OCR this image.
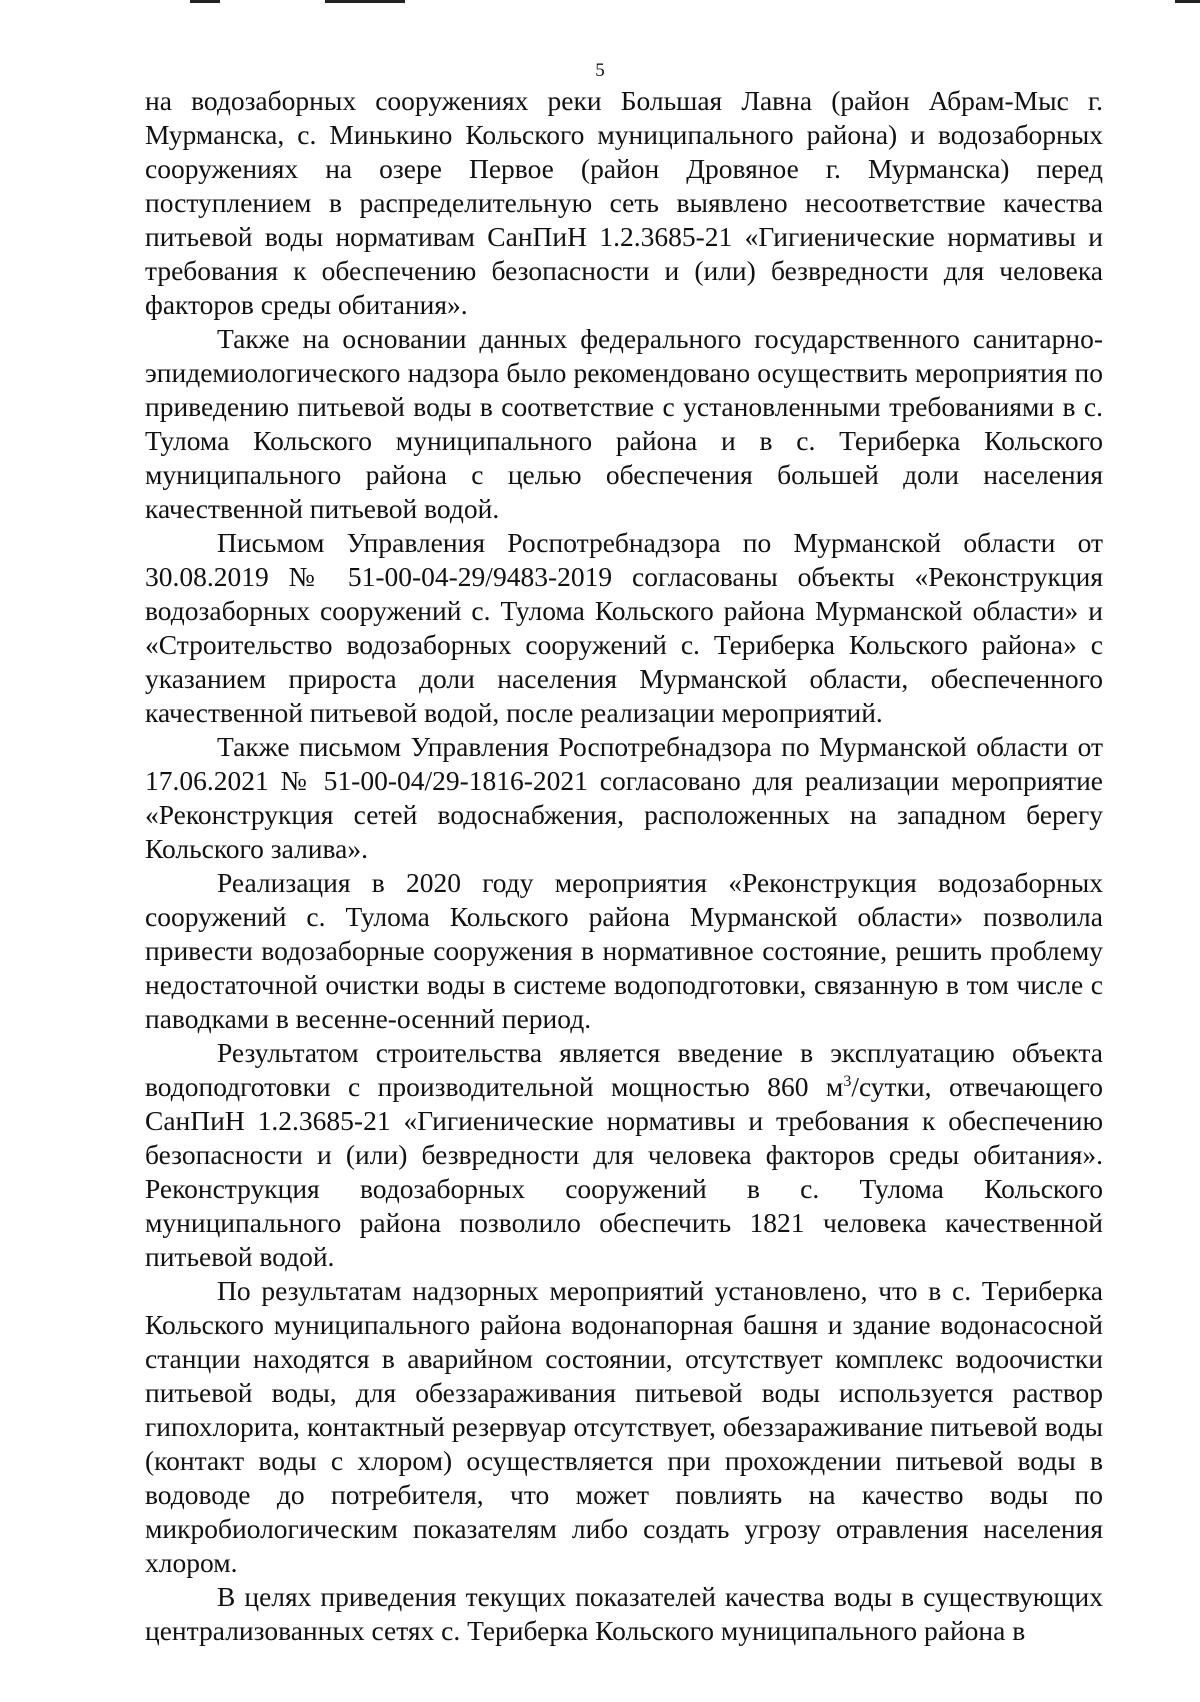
5

на водозаборных сооружениях реки Большая Лавна (район Абрам-Мыс г. Мурманска, с. Минькино Кольского муниципального района) и водозаборных сооружениях на озере Первое (район Дровяное г. Мурманска) перед поступлением в распределительную сеть выявлено несоответствие качества питьевой воды нормативам СанПиН 1.2.3685-21 «Гигиенические нормативы и требования к обеспечению безопасности и (или) безвредности для человека факторов среды обитания».

Также на основании данных федерального государственного санитарно-эпидемиологического надзора было рекомендовано осуществить мероприятия по приведению питьевой воды в соответствие с установленными требованиями в с. Тулома Кольского муниципального района и в с. Териберка Кольского муниципального района с целью обеспечения большей доли населения качественной питьевой водой.

Письмом Управления Роспотребнадзора по Мурманской области от 30.08.2019 № 51-00-04-29/9483-2019 согласованы объекты «Реконструкция водозаборных сооружений с. Тулома Кольского района Мурманской области» и «Строительство водозаборных сооружений с. Териберка Кольского района» с указанием прироста доли населения Мурманской области, обеспеченного качественной питьевой водой, после реализации мероприятий.

Также письмом Управления Роспотребнадзора по Мурманской области от 17.06.2021 № 51-00-04/29-1816-2021 согласовано для реализации мероприятие «Реконструкция сетей водоснабжения, расположенных на западном берегу Кольского залива».

Реализация в 2020 году мероприятия «Реконструкция водозаборных сооружений с. Тулома Кольского района Мурманской области» позволила привести водозаборные сооружения в нормативное состояние, решить проблему недостаточной очистки воды в системе водоподготовки, связанную в том числе с паводками в весенне-осенний период.

Результатом строительства является введение в эксплуатацию объекта водоподготовки с производительной мощностью 860 $м^3$/сутки, отвечающего СанПиН 1.2.3685-21 «Гигиенические нормативы и требования к обеспечению безопасности и (или) безвредности для человека факторов среды обитания». Реконструкция водозаборных сооружений в с. Тулома Кольского муниципального района позволило обеспечить 1821 человека качественной питьевой водой.

По результатам надзорных мероприятий установлено, что в с. Териберка Кольского муниципального района водонапорная башня и здание водонасосной станции находятся в аварийном состоянии, отсутствует комплекс водоочистки питьевой воды, для обеззараживания питьевой воды используется раствор гипохлорита, контактный резервуар отсутствует, обеззараживание питьевой воды (контакт воды с хлором) осуществляется при прохождении питьевой воды в водоводе до потребителя, что может повлиять на качество воды по микробиологическим показателям либо создать угрозу отравления населения хлором.

В целях приведения текущих показателей качества воды в существующих централизованных сетях с. Териберка Кольского муниципального района в
